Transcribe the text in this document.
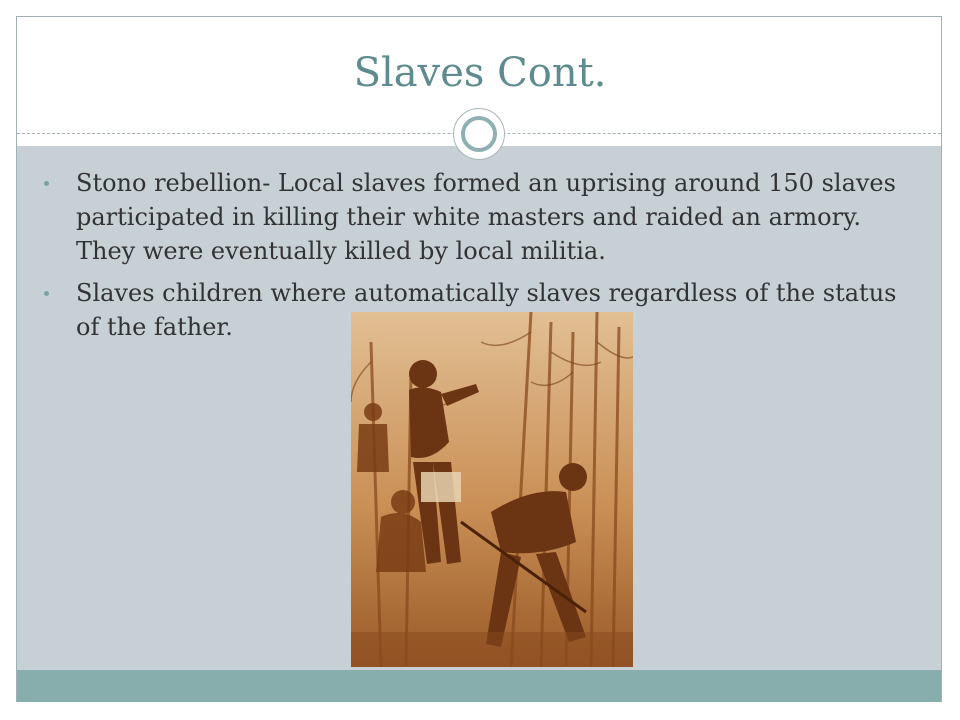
Slaves Cont.
Stono rebellion- Local slaves formed an uprising around 150 slaves participated in killing their white masters and raided an armory. They were eventually killed by local militia.
Slaves children where automatically slaves regardless of the status of the father.
